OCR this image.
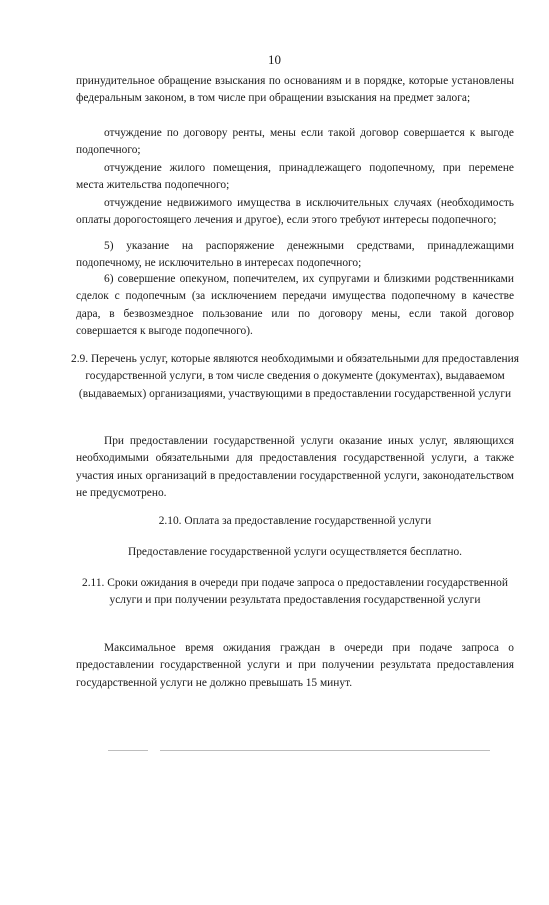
10

принудительное обращение взыскания по основаниям и в порядке, которые установлены федеральным законом, в том числе при обращении взыскания на предмет залога;

отчуждение по договору ренты, мены если такой договор совершается к выгоде подопечного;

отчуждение жилого помещения, принадлежащего подопечному, при перемене места жительства подопечного;

отчуждение недвижимого имущества в исключительных случаях (необходимость оплаты дорогостоящего лечения и другое), если этого требуют интересы подопечного;

5) указание на распоряжение денежными средствами, принадлежащими подопечному, не исключительно в интересах подопечного;

6) совершение опекуном, попечителем, их супругами и близкими родственниками сделок с подопечным (за исключением передачи имущества подопечному в качестве дара, в безвозмездное пользование или по договору мены, если такой договор совершается к выгоде подопечного).

2.9. Перечень услуг, которые являются необходимыми и обязательными для предоставления государственной услуги, в том числе сведения о документе (документах), выдаваемом (выдаваемых) организациями, участвующими в предоставлении государственной услуги

При предоставлении государственной услуги оказание иных услуг, являющихся необходимыми обязательными для предоставления государственной услуги, а также участия иных организаций в предоставлении государственной услуги, законодательством не предусмотрено.

2.10. Оплата за предоставление государственной услуги

Предоставление государственной услуги осуществляется бесплатно.

2.11. Сроки ожидания в очереди при подаче запроса о предоставлении государственной услуги и при получении результата предоставления государственной услуги

Максимальное время ожидания граждан в очереди при подаче запроса о предоставлении государственной услуги и при получении результата предоставления государственной услуги не должно превышать 15 минут.
